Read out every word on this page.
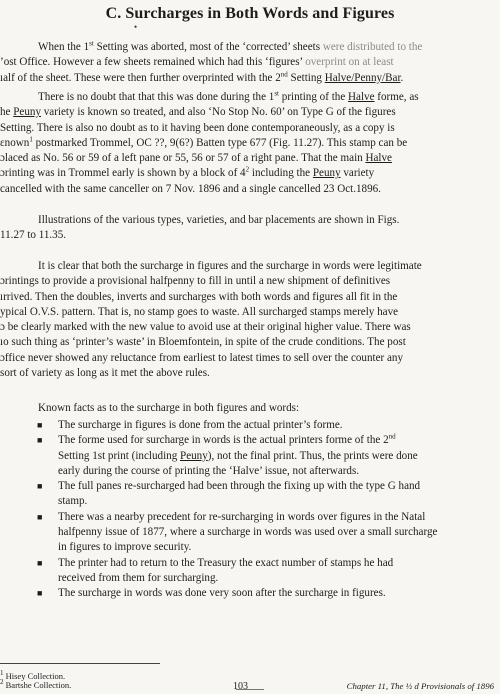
C. Surcharges in Both Words and Figures
•
When the 1st Setting was aborted, most of the ‘corrected’ sheets were distributed to the
’ost Office. However a few sheets remained which had this ‘figures’ overprint on at least
ıalf of the sheet. These were then further overprinted with the 2nd Setting Halve/Penny/Bar.
There is no doubt that that this was done during the 1st printing of the Halve forme, as
he Peuny variety is known so treated, and also ‘No Stop No. 60’ on Type G of the figures
Setting. There is also no doubt as to it having been done contemporaneously, as a copy is
ɛnown$^1$ postmarked Trommel, OC ??, 9(6?) Batten type 677 (Fig. 11.27). This stamp can be
ɔlaced as No. 56 or 59 of a left pane or 55, 56 or 57 of a right pane. That the main Halve
ɔrinting was in Trommel early is shown by a block of $4^2$ including the Peuny variety
cancelled with the same canceller on 7 Nov. 1896 and a single cancelled 23 Oct.1896.
Illustrations of the various types, varieties, and bar placements are shown in Figs.
11.27 to 11.35.
It is clear that both the surcharge in figures and the surcharge in words were legitimate
ɔrintings to provide a provisional halfpenny to fill in until a new shipment of definitives
ırrived. Then the doubles, inverts and surcharges with both words and figures all fit in the
ypical O.V.S. pattern. That is, no stamp goes to waste. All surcharged stamps merely have
ɔ be clearly marked with the new value to avoid use at their original higher value. There was
ıo such thing as ‘printer’s waste’ in Bloemfontein, in spite of the crude conditions. The post
ɔffice never showed any reluctance from earliest to latest times to sell over the counter any
sort of variety as long as it met the above rules.
Known facts as to the surcharge in both figures and words:
■ The surcharge in figures is done from the actual printer’s forme.
■ The forme used for surcharge in words is the actual printers forme of the 2nd
Setting 1st print (including Peuny), not the final print. Thus, the prints were done
early during the course of printing the ‘Halve’ issue, not afterwards.
■ The full panes re-surcharged had been through the fixing up with the type G hand
stamp.
■ There was a nearby precedent for re-surcharging in words over figures in the Natal
halfpenny issue of 1877, where a surcharge in words was used over a small surcharge
in figures to improve security.
■ The printer had to return to the Treasury the exact number of stamps he had
received from them for surcharging.
■ The surcharge in words was done very soon after the surcharge in figures.
$^1$ Hisey Collection.
$^2$ Bartshe Collection.	103	Chapter 11, The ½ d Provisionals of 1896
